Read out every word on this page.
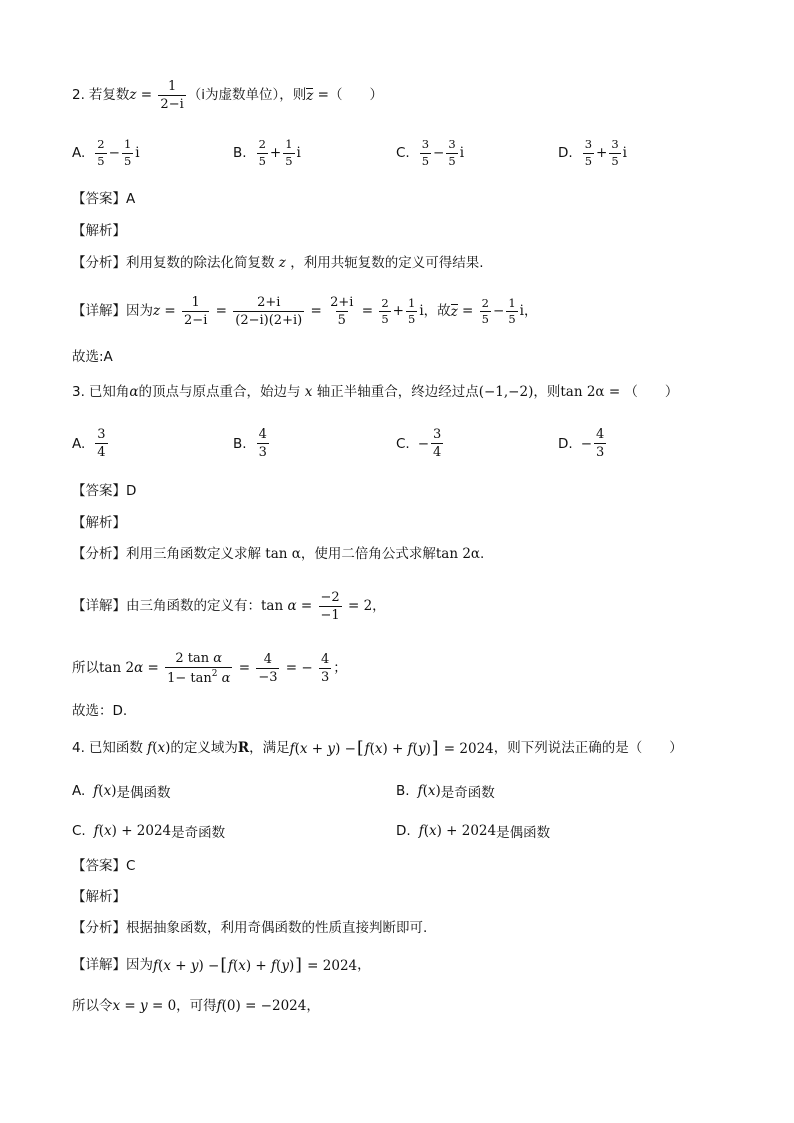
2. 若复数 $z = \frac{1}{2-i} (i$为虚数单位），则 z = （　　）
A. $\frac{2}{5} - \frac{1}{5}$ i	B. $\frac{2}{5} + \frac{1}{5}$ i	C. $\frac{3}{5} - \frac{3}{5}$ i	D. $\frac{3}{5} + \frac{3}{5}$ i
【答案】 A
【解析】
【分析】 利用复数的除法化简复数 z ，利用共轭复数的定义可得结果.
【详解】 因为 $z = \frac{1}{2-i} = \frac{2+i}{(2-i)(2+i)} = \frac{2+i}{5} = \frac{2}{5} + \frac{1}{5}$ i ，故 $z = \frac{2}{5} - \frac{1}{5}$ i ，
故选:A
3. 已知角 α 的顶点与原点重合，始边与 x 轴正半轴重合，终边经过点 (−1,−2) ，则 tan 2α = （　　）
A. $\frac{3}{4}$	B. $\frac{4}{3}$	C. − $\frac{3}{4}$	D. − $\frac{4}{3}$
【答案】 D
【解析】
【分析】 利用三角函数定义求解
tan α ，使用二倍角公式求解 tan 2α .
【详解】 由三角函数的定义有： $\tan \alpha = \frac{-2}{-1} = 2$ ，
所以 $\tan 2\alpha = \frac{\text{2 tan α}}{1- \tan^2 \alpha} = \frac{4}{-3}$ = − $\frac{4}{3}$ ；
故选：D.
4. 已知函数 f(x) 的定义域为 R ，满足 f(x + y) −[f(x) + f(y)] = 2024 ，则下列说法正确的是（　　）
A. f(x) 是偶函数	B. f(x) 是奇函数
C. f(x) + 2024 是奇函数	D. f(x) + 2024 是偶函数
【答案】 C
【解析】
【分析】 根据抽象函数，利用奇偶函数的性质直接判断即可.
【详解】 因为 f(x + y) −[f(x) + f(y)] = 2024 ，
所以令 x = y = 0 ，可得 f(0) = −2024 ，
